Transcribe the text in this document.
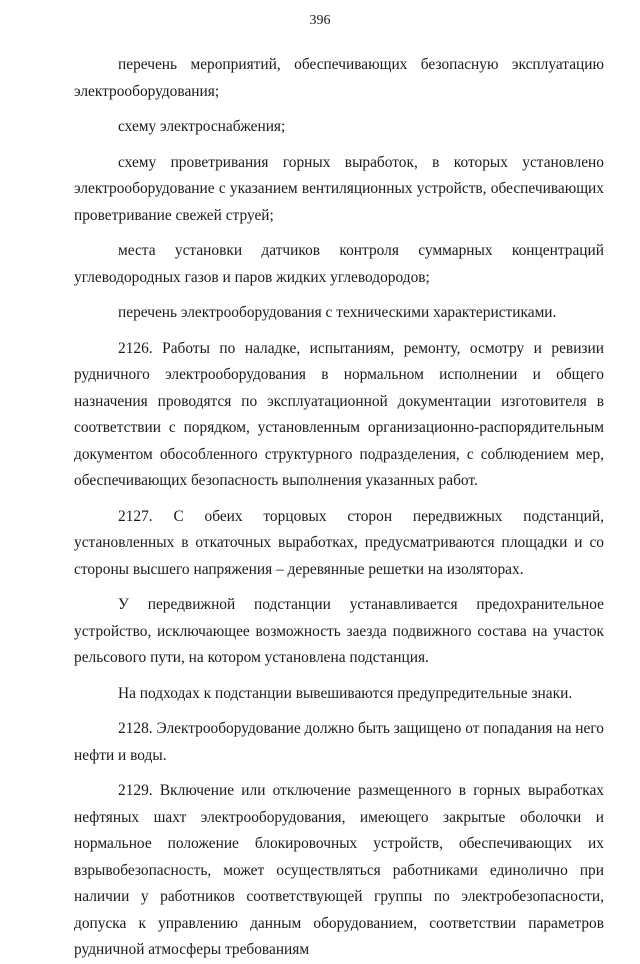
396

перечень мероприятий, обеспечивающих безопасную эксплуатацию электрооборудования;

схему электроснабжения;

схему проветривания горных выработок, в которых установлено электрооборудование с указанием вентиляционных устройств, обеспечивающих проветривание свежей струей;

места установки датчиков контроля суммарных концентраций углеводородных газов и паров жидких углеводородов;

перечень электрооборудования с техническими характеристиками.

2126. Работы по наладке, испытаниям, ремонту, осмотру и ревизии рудничного электрооборудования в нормальном исполнении и общего назначения проводятся по эксплуатационной документации изготовителя в соответствии с порядком, установленным организационно-распорядительным документом обособленного структурного подразделения, с соблюдением мер, обеспечивающих безопасность выполнения указанных работ.

2127. С обеих торцовых сторон передвижных подстанций, установленных в откаточных выработках, предусматриваются площадки и со стороны высшего напряжения – деревянные решетки на изоляторах.

У передвижной подстанции устанавливается предохранительное устройство, исключающее возможность заезда подвижного состава на участок рельсового пути, на котором установлена подстанция.

На подходах к подстанции вывешиваются предупредительные знаки.

2128. Электрооборудование должно быть защищено от попадания на него нефти и воды.

2129. Включение или отключение размещенного в горных выработках нефтяных шахт электрооборудования, имеющего закрытые оболочки и нормальное положение блокировочных устройств, обеспечивающих их взрывобезопасность, может осуществляться работниками единолично при наличии у работников соответствующей группы по электробезопасности, допуска к управлению данным оборудованием, соответствии параметров рудничной атмосферы требованиям
